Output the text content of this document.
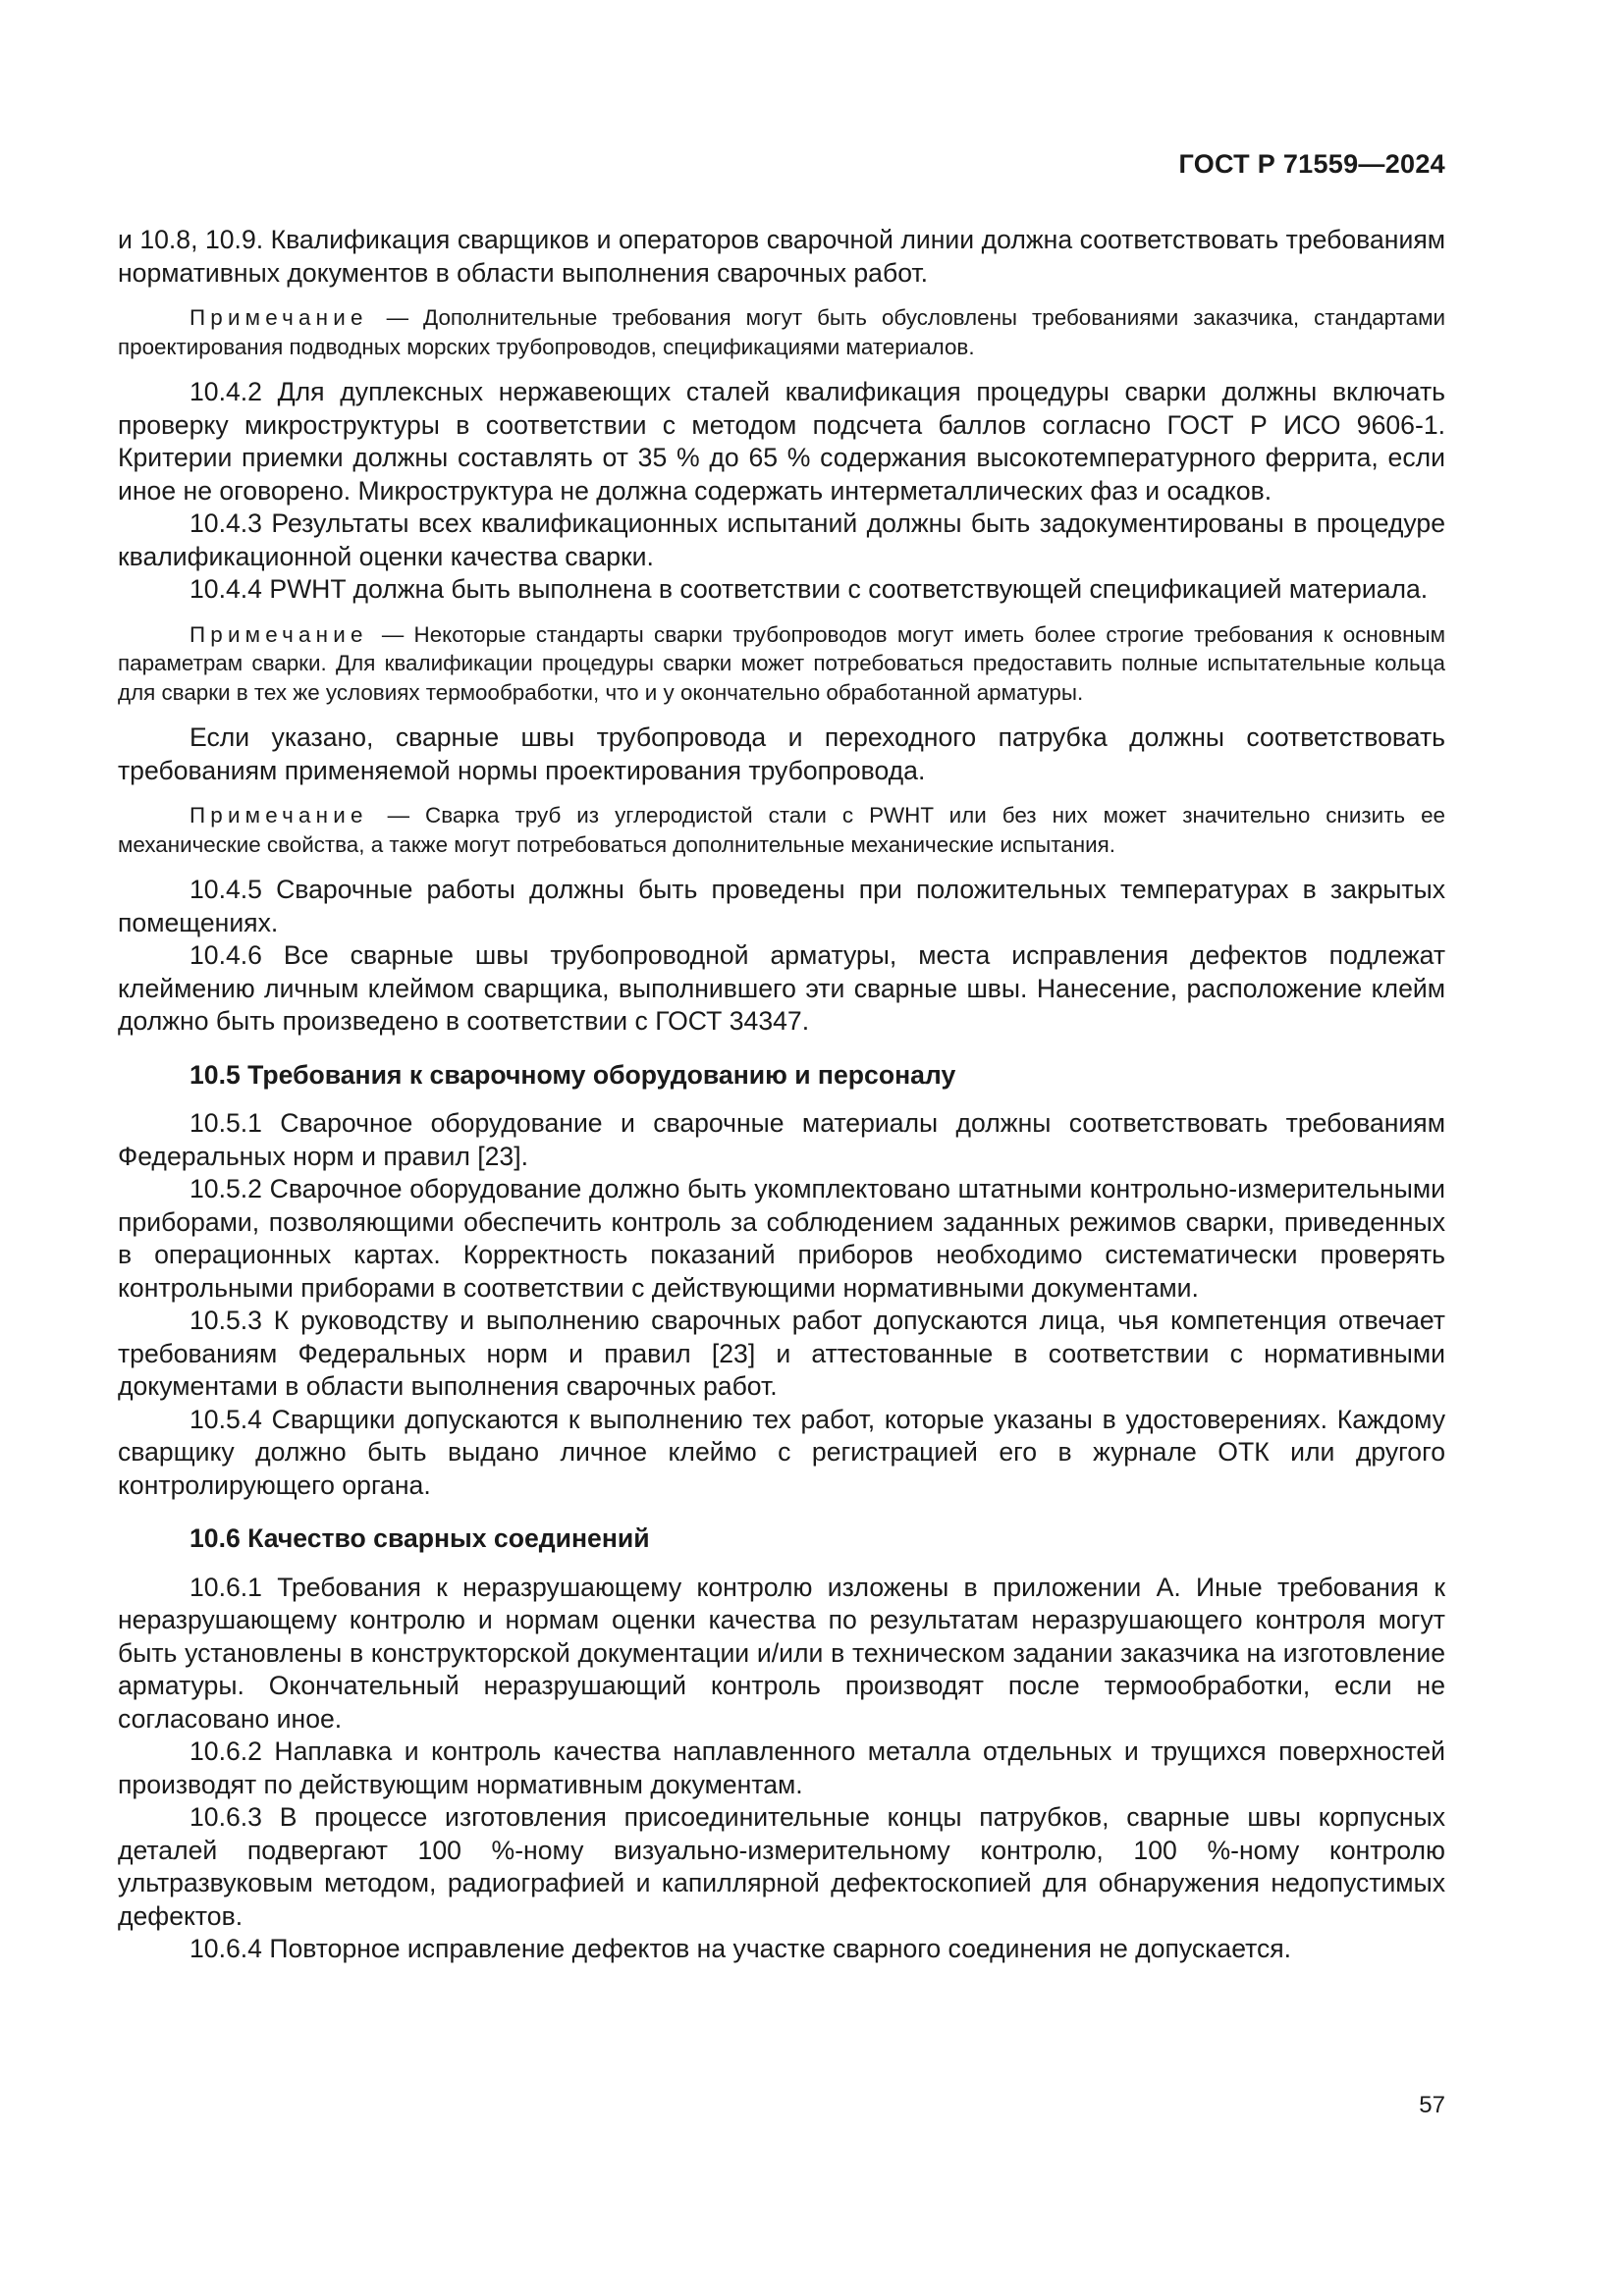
ГОСТ Р 71559—2024

и 10.8, 10.9. Квалификация сварщиков и операторов сварочной линии должна соответствовать требованиям нормативных документов в области выполнения сварочных работ.

Примечание — Дополнительные требования могут быть обусловлены требованиями заказчика, стандартами проектирования подводных морских трубопроводов, спецификациями материалов.

10.4.2 Для дуплексных нержавеющих сталей квалификация процедуры сварки должны включать проверку микроструктуры в соответствии с методом подсчета баллов согласно ГОСТ Р ИСО 9606-1. Критерии приемки должны составлять от 35 % до 65 % содержания высокотемпературного феррита, если иное не оговорено. Микроструктура не должна содержать интерметаллических фаз и осадков.

10.4.3 Результаты всех квалификационных испытаний должны быть задокументированы в процедуре квалификационной оценки качества сварки.

10.4.4 PWHT должна быть выполнена в соответствии с соответствующей спецификацией материала.

Примечание — Некоторые стандарты сварки трубопроводов могут иметь более строгие требования к основным параметрам сварки. Для квалификации процедуры сварки может потребоваться предоставить полные испытательные кольца для сварки в тех же условиях термообработки, что и у окончательно обработанной арматуры.

Если указано, сварные швы трубопровода и переходного патрубка должны соответствовать требованиям применяемой нормы проектирования трубопровода.

Примечание — Сварка труб из углеродистой стали с PWHT или без них может значительно снизить ее механические свойства, а также могут потребоваться дополнительные механические испытания.

10.4.5 Сварочные работы должны быть проведены при положительных температурах в закрытых помещениях.

10.4.6 Все сварные швы трубопроводной арматуры, места исправления дефектов подлежат клеймению личным клеймом сварщика, выполнившего эти сварные швы. Нанесение, расположение клейм должно быть произведено в соответствии с ГОСТ 34347.

10.5 Требования к сварочному оборудованию и персоналу

10.5.1 Сварочное оборудование и сварочные материалы должны соответствовать требованиям Федеральных норм и правил [23].

10.5.2 Сварочное оборудование должно быть укомплектовано штатными контрольно-измерительными приборами, позволяющими обеспечить контроль за соблюдением заданных режимов сварки, приведенных в операционных картах. Корректность показаний приборов необходимо систематически проверять контрольными приборами в соответствии с действующими нормативными документами.

10.5.3 К руководству и выполнению сварочных работ допускаются лица, чья компетенция отвечает требованиям Федеральных норм и правил [23] и аттестованные в соответствии с нормативными документами в области выполнения сварочных работ.

10.5.4 Сварщики допускаются к выполнению тех работ, которые указаны в удостоверениях. Каждому сварщику должно быть выдано личное клеймо с регистрацией его в журнале ОТК или другого контролирующего органа.

10.6 Качество сварных соединений

10.6.1 Требования к неразрушающему контролю изложены в приложении А. Иные требования к неразрушающему контролю и нормам оценки качества по результатам неразрушающего контроля могут быть установлены в конструкторской документации и/или в техническом задании заказчика на изготовление арматуры. Окончательный неразрушающий контроль производят после термообработки, если не согласовано иное.

10.6.2 Наплавка и контроль качества наплавленного металла отдельных и трущихся поверхностей производят по действующим нормативным документам.

10.6.3 В процессе изготовления присоединительные концы патрубков, сварные швы корпусных деталей подвергают 100 %-ному визуально-измерительному контролю, 100 %-ному контролю ультразвуковым методом, радиографией и капиллярной дефектоскопией для обнаружения недопустимых дефектов.

10.6.4 Повторное исправление дефектов на участке сварного соединения не допускается.

57
